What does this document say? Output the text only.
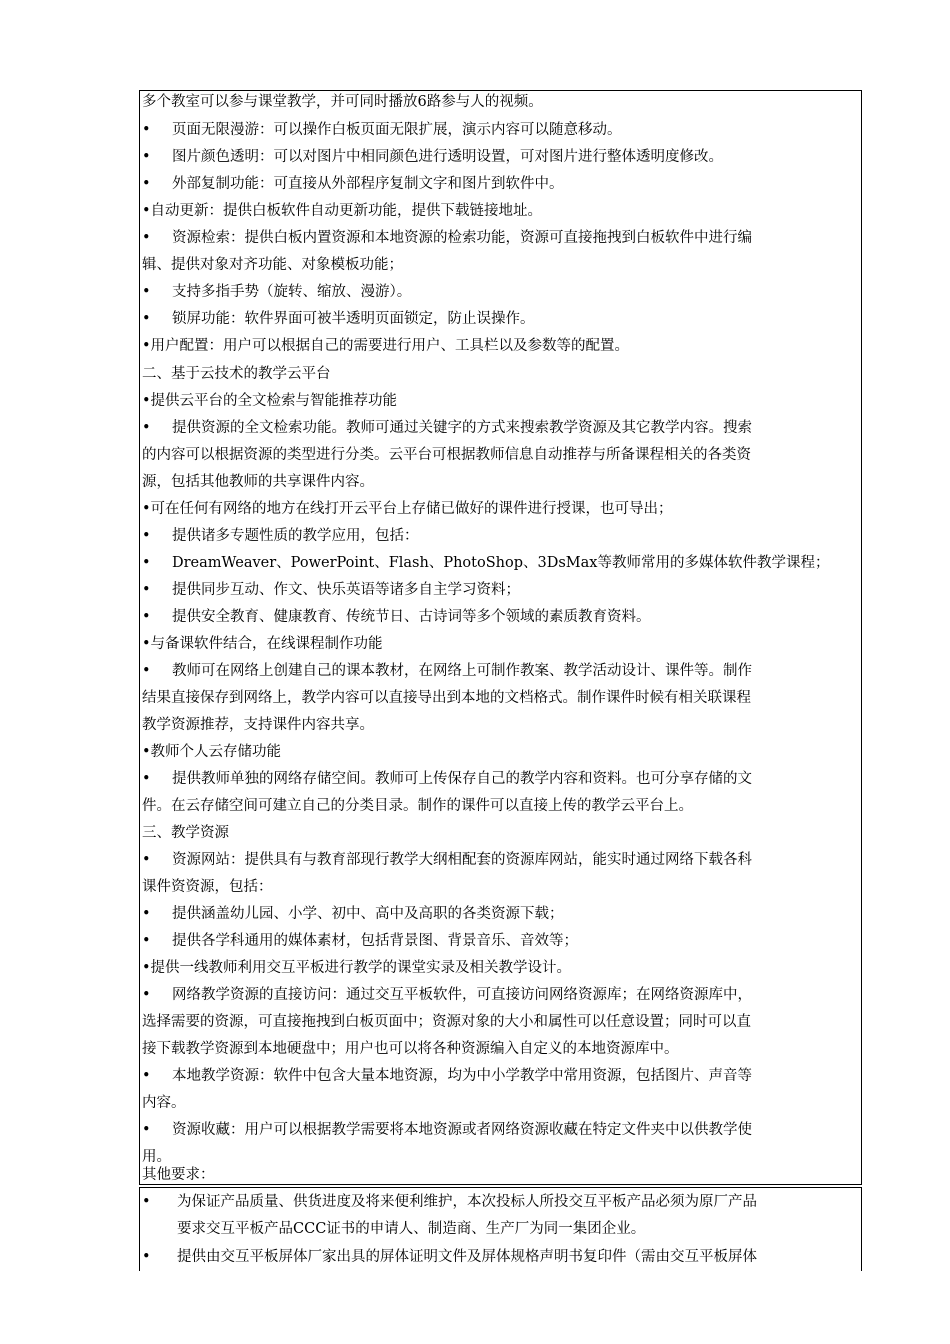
多个教室可以参与课堂教学，并可同时播放6路参与人的视频。
• 页面无限漫游：可以操作白板页面无限扩展，演示内容可以随意移动。
• 图片颜色透明：可以对图片中相同颜色进行透明设置，可对图片进行整体透明度修改。
• 外部复制功能：可直接从外部程序复制文字和图片到软件中。
•自动更新：提供白板软件自动更新功能，提供下载链接地址。
• 资源检索：提供白板内置资源和本地资源的检索功能，资源可直接拖拽到白板软件中进行编
辑、提供对象对齐功能、对象模板功能；
• 支持多指手势（旋转、缩放、漫游）。
• 锁屏功能：软件界面可被半透明页面锁定，防止误操作。
•用户配置：用户可以根据自己的需要进行用户、工具栏以及参数等的配置。
二、基于云技术的教学云平台
•提供云平台的全文检索与智能推荐功能
• 提供资源的全文检索功能。教师可通过关键字的方式来搜索教学资源及其它教学内容。搜索
的内容可以根据资源的类型进行分类。云平台可根据教师信息自动推荐与所备课程相关的各类资
源，包括其他教师的共享课件内容。
•可在任何有网络的地方在线打开云平台上存储已做好的课件进行授课，也可导出；
• 提供诸多专题性质的教学应用，包括：
• DreamWeaver、PowerPoint、Flash、PhotoShop、3DsMax等教师常用的多媒体软件教学课程；
• 提供同步互动、作文、快乐英语等诸多自主学习资料；
• 提供安全教育、健康教育、传统节日、古诗词等多个领域的素质教育资料。
•与备课软件结合，在线课程制作功能
• 教师可在网络上创建自己的课本教材，在网络上可制作教案、教学活动设计、课件等。制作
结果直接保存到网络上，教学内容可以直接导出到本地的文档格式。制作课件时候有相关联课程
教学资源推荐，支持课件内容共享。
•教师个人云存储功能
• 提供教师单独的网络存储空间。教师可上传保存自己的教学内容和资料。也可分享存储的文
件。在云存储空间可建立自己的分类目录。制作的课件可以直接上传的教学云平台上。
三、教学资源
• 资源网站：提供具有与教育部现行教学大纲相配套的资源库网站，能实时通过网络下载各科
课件资资源，包括：
• 提供涵盖幼儿园、小学、初中、高中及高职的各类资源下载；
• 提供各学科通用的媒体素材，包括背景图、背景音乐、音效等；
•提供一线教师利用交互平板进行教学的课堂实录及相关教学设计。
• 网络教学资源的直接访问：通过交互平板软件，可直接访问网络资源库；在网络资源库中，
选择需要的资源，可直接拖拽到白板页面中；资源对象的大小和属性可以任意设置；同时可以直
接下载教学资源到本地硬盘中；用户也可以将各种资源编入自定义的本地资源库中。
• 本地教学资源：软件中包含大量本地资源，均为中小学教学中常用资源，包括图片、声音等
内容。
• 资源收藏：用户可以根据教学需要将本地资源或者网络资源收藏在特定文件夹中以供教学使
用。
其他要求：
• 为保证产品质量、供货进度及将来便利维护，本次投标人所投交互平板产品必须为原厂产品
要求交互平板产品CCC证书的申请人、制造商、生产厂为同一集团企业。
• 提供由交互平板屏体厂家出具的屏体证明文件及屏体规格声明书复印件（需由交互平板屏体
